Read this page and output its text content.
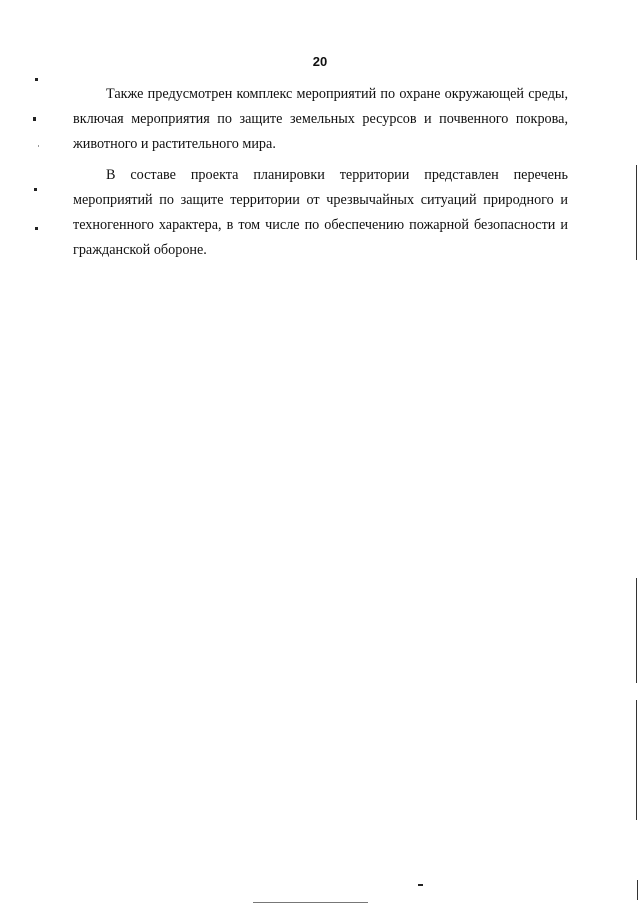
20

Также предусмотрен комплекс мероприятий по охране окружающей среды, включая мероприятия по защите земельных ресурсов и почвенного покрова, животного и растительного мира.

В составе проекта планировки территории представлен перечень мероприятий по защите территории от чрезвычайных ситуаций природного и техногенного характера, в том числе по обеспечению пожарной безопасности и гражданской обороне.
